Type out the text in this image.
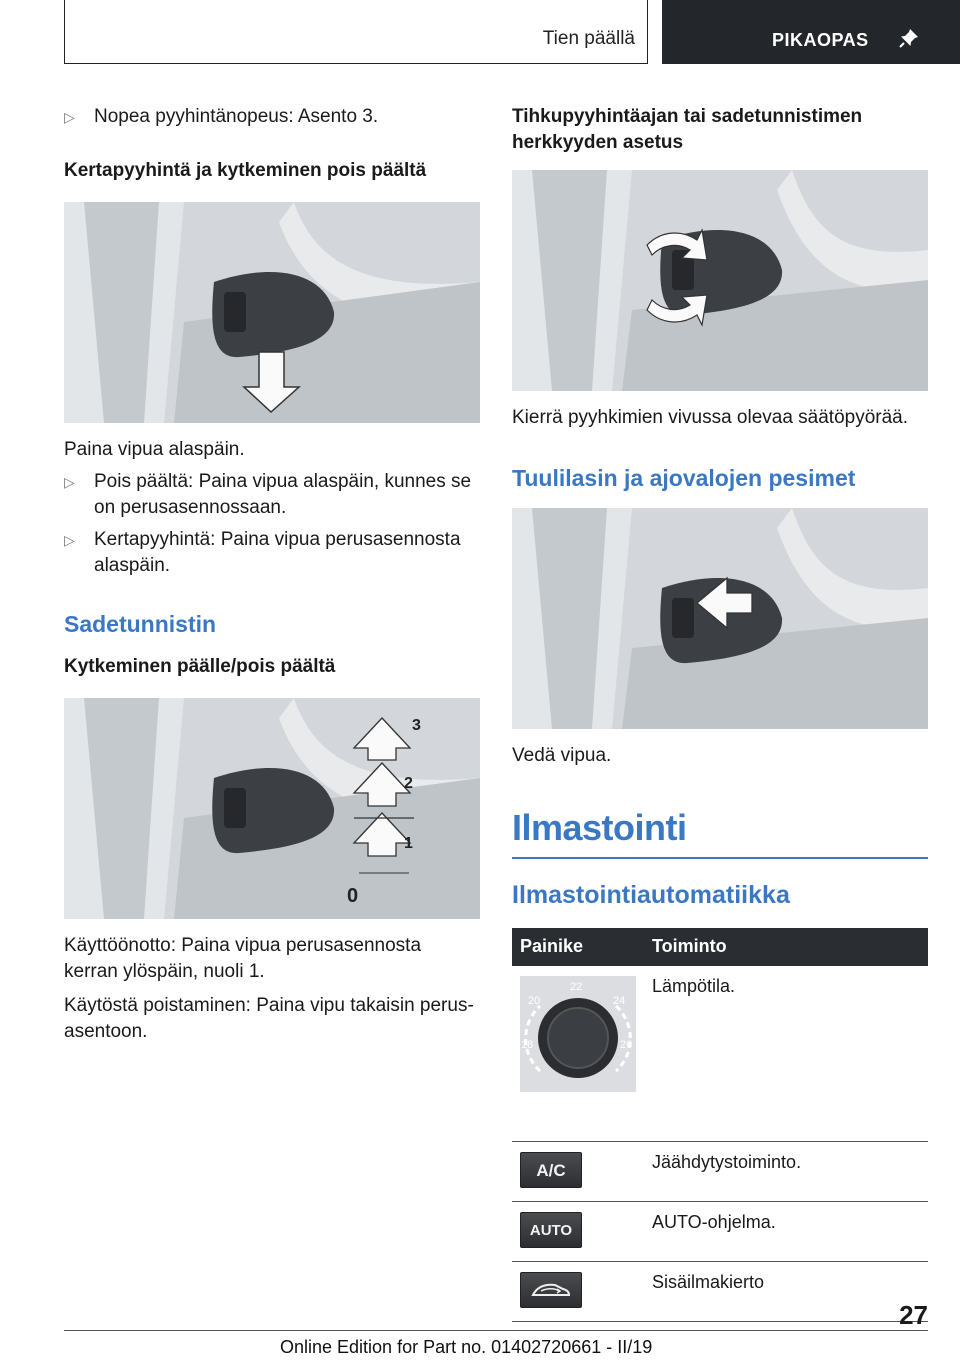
Tien päällä	PIKAOPAS
▷ Nopea pyyhintänopeus: Asento 3.

Kertapyyhintä ja kytkeminen pois päältä

Paina vipua alaspäin.

▷ Pois päältä: Paina vipua alaspäin, kunnes se on perusasennossaan.
▷ Kertapyyhintä: Paina vipua perusasennosta alaspäin.

Sadetunnistin

Kytkeminen päälle/pois päältä

3
2
1
0

Käyttöönotto: Paina vipua perusasennosta kerran ylöspäin, nuoli 1.

Käytöstä poistaminen: Paina vipu takaisin perusasentoon.

Tihkupyyhintäajan tai sadetunnistimen herkkyyden asetus

Kierrä pyyhkimien vivussa olevaa säätöpyörää.

Tuulilasin ja ajovalojen pesimet

Vedä vipua.

Ilmastointi

Ilmastointiautomatiikka

Painike	Toiminto

20
22
24
18 26	Lämpötila.

A/C	Jäähdytystoiminto.

AUTO	AUTO-ohjelma.

	Sisäilmakierto
27
Online Edition for Part no. 01402720661 - II/19
